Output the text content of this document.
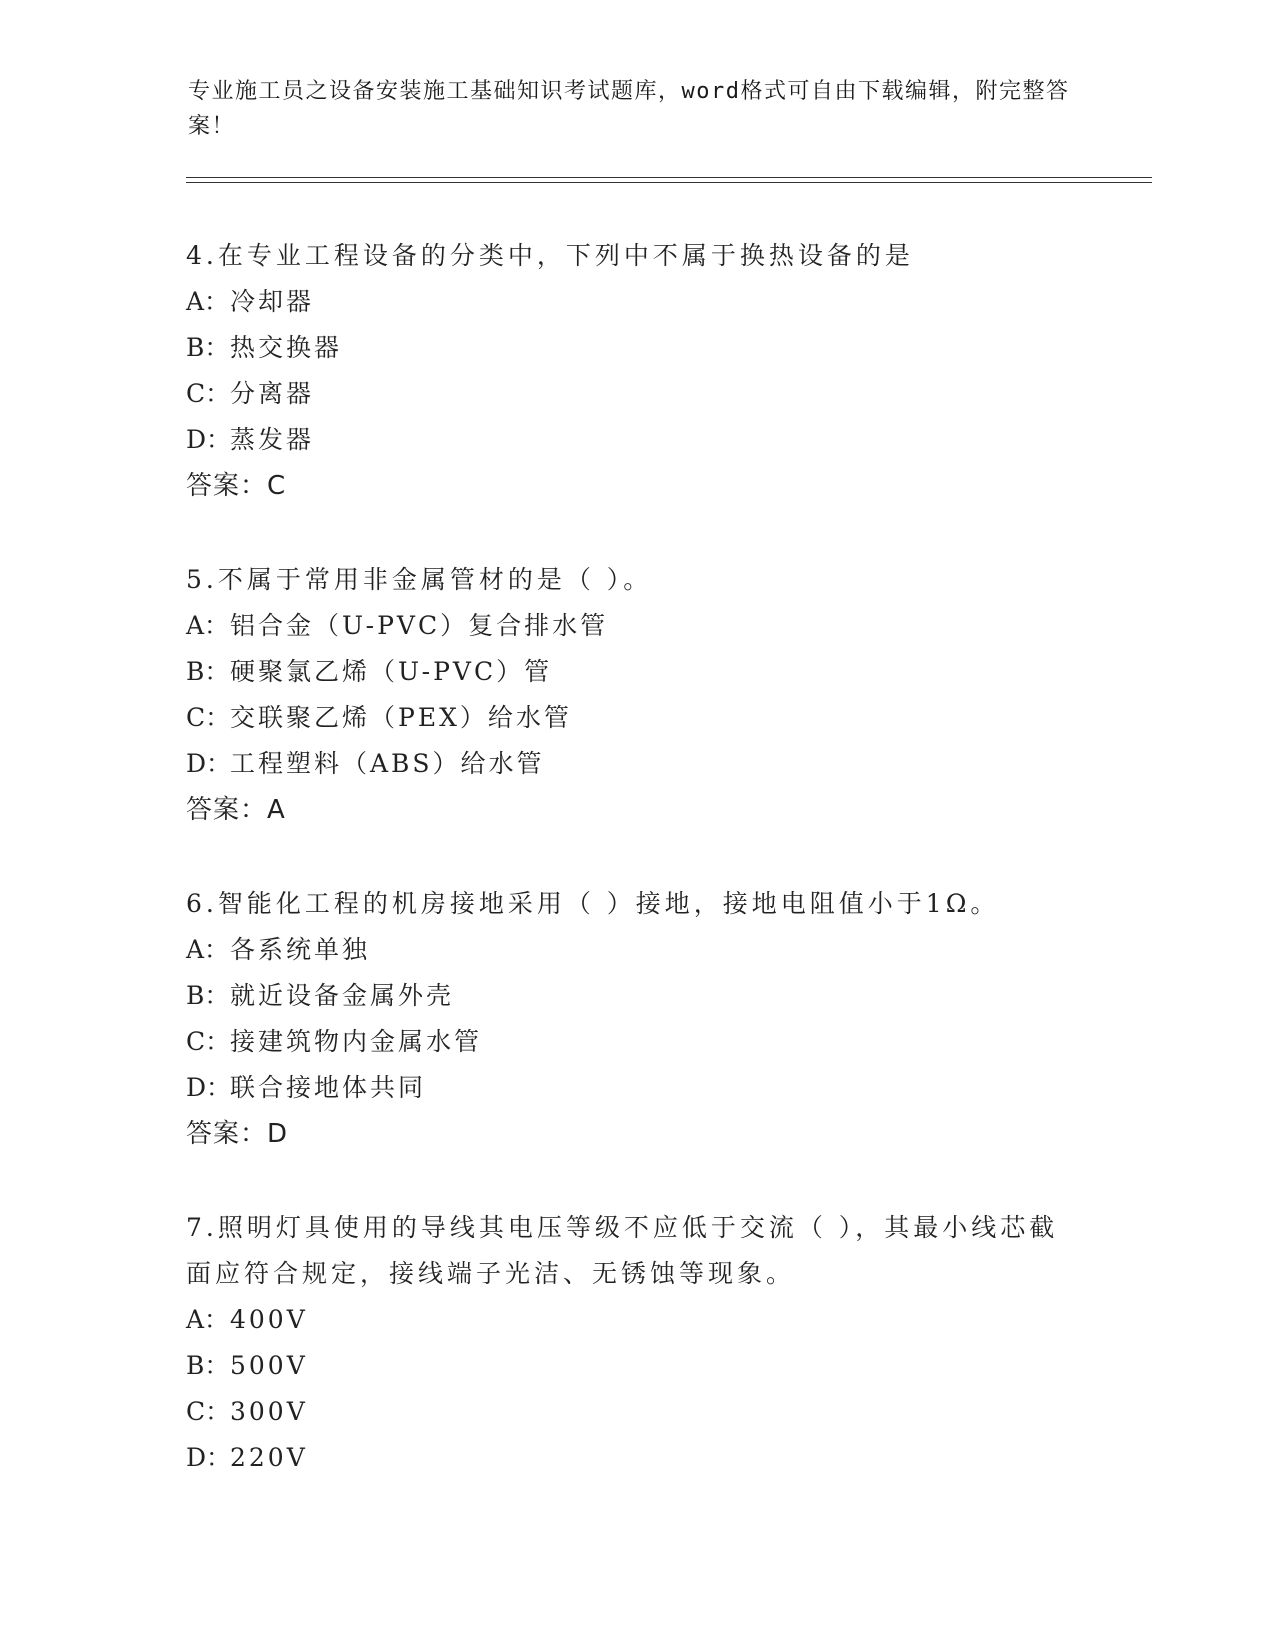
专业施工员之设备安装施工基础知识考试题库，word格式可自由下载编辑，附完整答案！
4.在专业工程设备的分类中，下列中不属于换热设备的是
A：冷却器
B：热交换器
C：分离器
D：蒸发器
答案：C
5.不属于常用非金属管材的是（ ）。
A：铝合金（U-PVC）复合排水管
B：硬聚氯乙烯（U-PVC）管
C：交联聚乙烯（PEX）给水管
D：工程塑料（ABS）给水管
答案：A
6.智能化工程的机房接地采用（ ）接地，接地电阻值小于1Ω。
A：各系统单独
B：就近设备金属外壳
C：接建筑物内金属水管
D：联合接地体共同
答案：D
7.照明灯具使用的导线其电压等级不应低于交流（ ），其最小线芯截面应符合规定，接线端子光洁、无锈蚀等现象。
A：400V
B：500V
C：300V
D：220V
